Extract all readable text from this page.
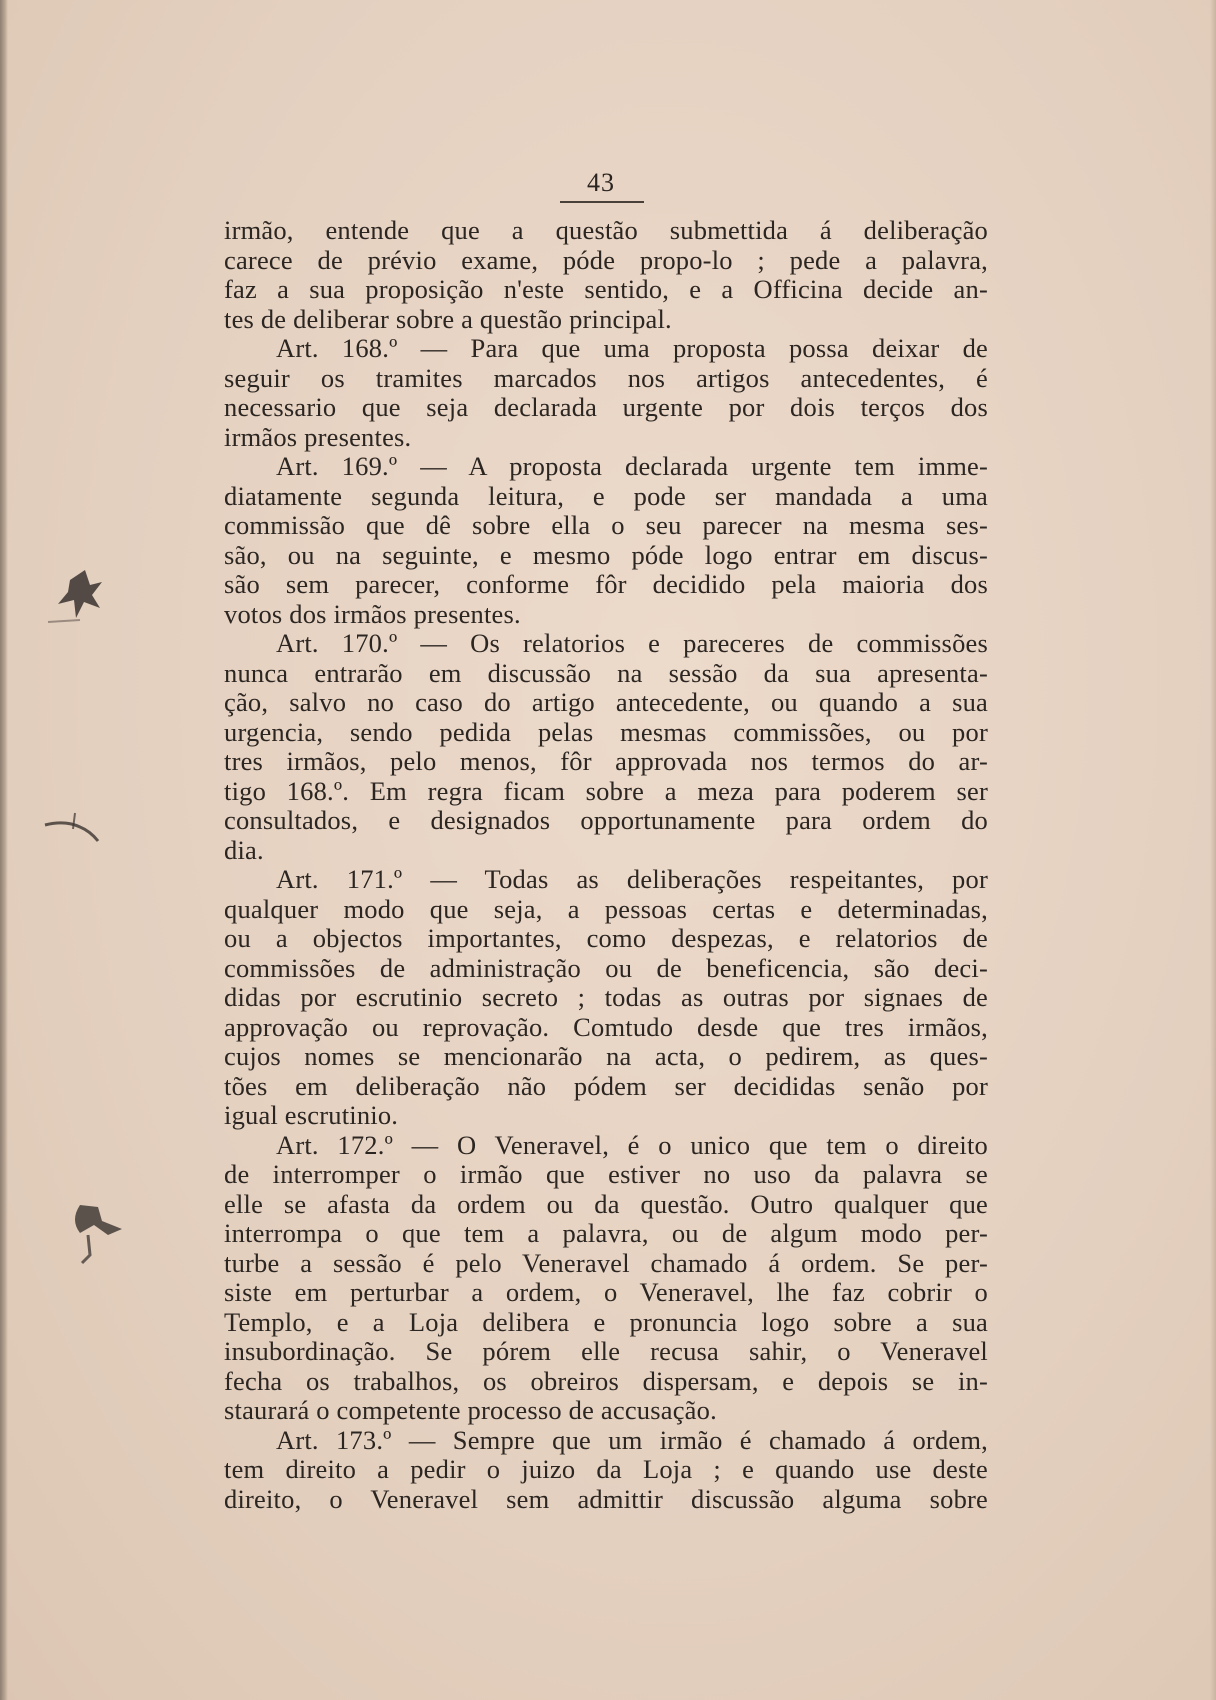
43
irmão, entende que a questão submettida á deliberação
carece de prévio exame, póde propo-lo ; pede a palavra,
faz a sua proposição n'este sentido, e a Officina decide an-
tes de deliberar sobre a questão principal.
Art. 168.º — Para que uma proposta possa deixar de
seguir os tramites marcados nos artigos antecedentes, é
necessario que seja declarada urgente por dois terços dos
irmãos presentes.
Art. 169.º — A proposta declarada urgente tem imme-
diatamente segunda leitura, e pode ser mandada a uma
commissão que dê sobre ella o seu parecer na mesma ses-
são, ou na seguinte, e mesmo póde logo entrar em discus-
são sem parecer, conforme fôr decidido pela maioria dos
votos dos irmãos presentes.
Art. 170.º — Os relatorios e pareceres de commissões
nunca entrarão em discussão na sessão da sua apresenta-
ção, salvo no caso do artigo antecedente, ou quando a sua
urgencia, sendo pedida pelas mesmas commissões, ou por
tres irmãos, pelo menos, fôr approvada nos termos do ar-
tigo 168.º. Em regra ficam sobre a meza para poderem ser
consultados, e designados opportunamente para ordem do
dia.
Art. 171.º — Todas as deliberações respeitantes, por
qualquer modo que seja, a pessoas certas e determinadas,
ou a objectos importantes, como despezas, e relatorios de
commissões de administração ou de beneficencia, são deci-
didas por escrutinio secreto ; todas as outras por signaes de
approvação ou reprovação. Comtudo desde que tres irmãos,
cujos nomes se mencionarão na acta, o pedirem, as ques-
tões em deliberação não pódem ser decididas senão por
igual escrutinio.
Art. 172.º — O Veneravel, é o unico que tem o direito
de interromper o irmão que estiver no uso da palavra se
elle se afasta da ordem ou da questão. Outro qualquer que
interrompa o que tem a palavra, ou de algum modo per-
turbe a sessão é pelo Veneravel chamado á ordem. Se per-
siste em perturbar a ordem, o Veneravel, lhe faz cobrir o
Templo, e a Loja delibera e pronuncia logo sobre a sua
insubordinação. Se pórem elle recusa sahir, o Veneravel
fecha os trabalhos, os obreiros dispersam, e depois se in-
staurará o competente processo de accusação.
Art. 173.º — Sempre que um irmão é chamado á ordem,
tem direito a pedir o juizo da Loja ; e quando use deste
direito, o Veneravel sem admittir discussão alguma sobre
